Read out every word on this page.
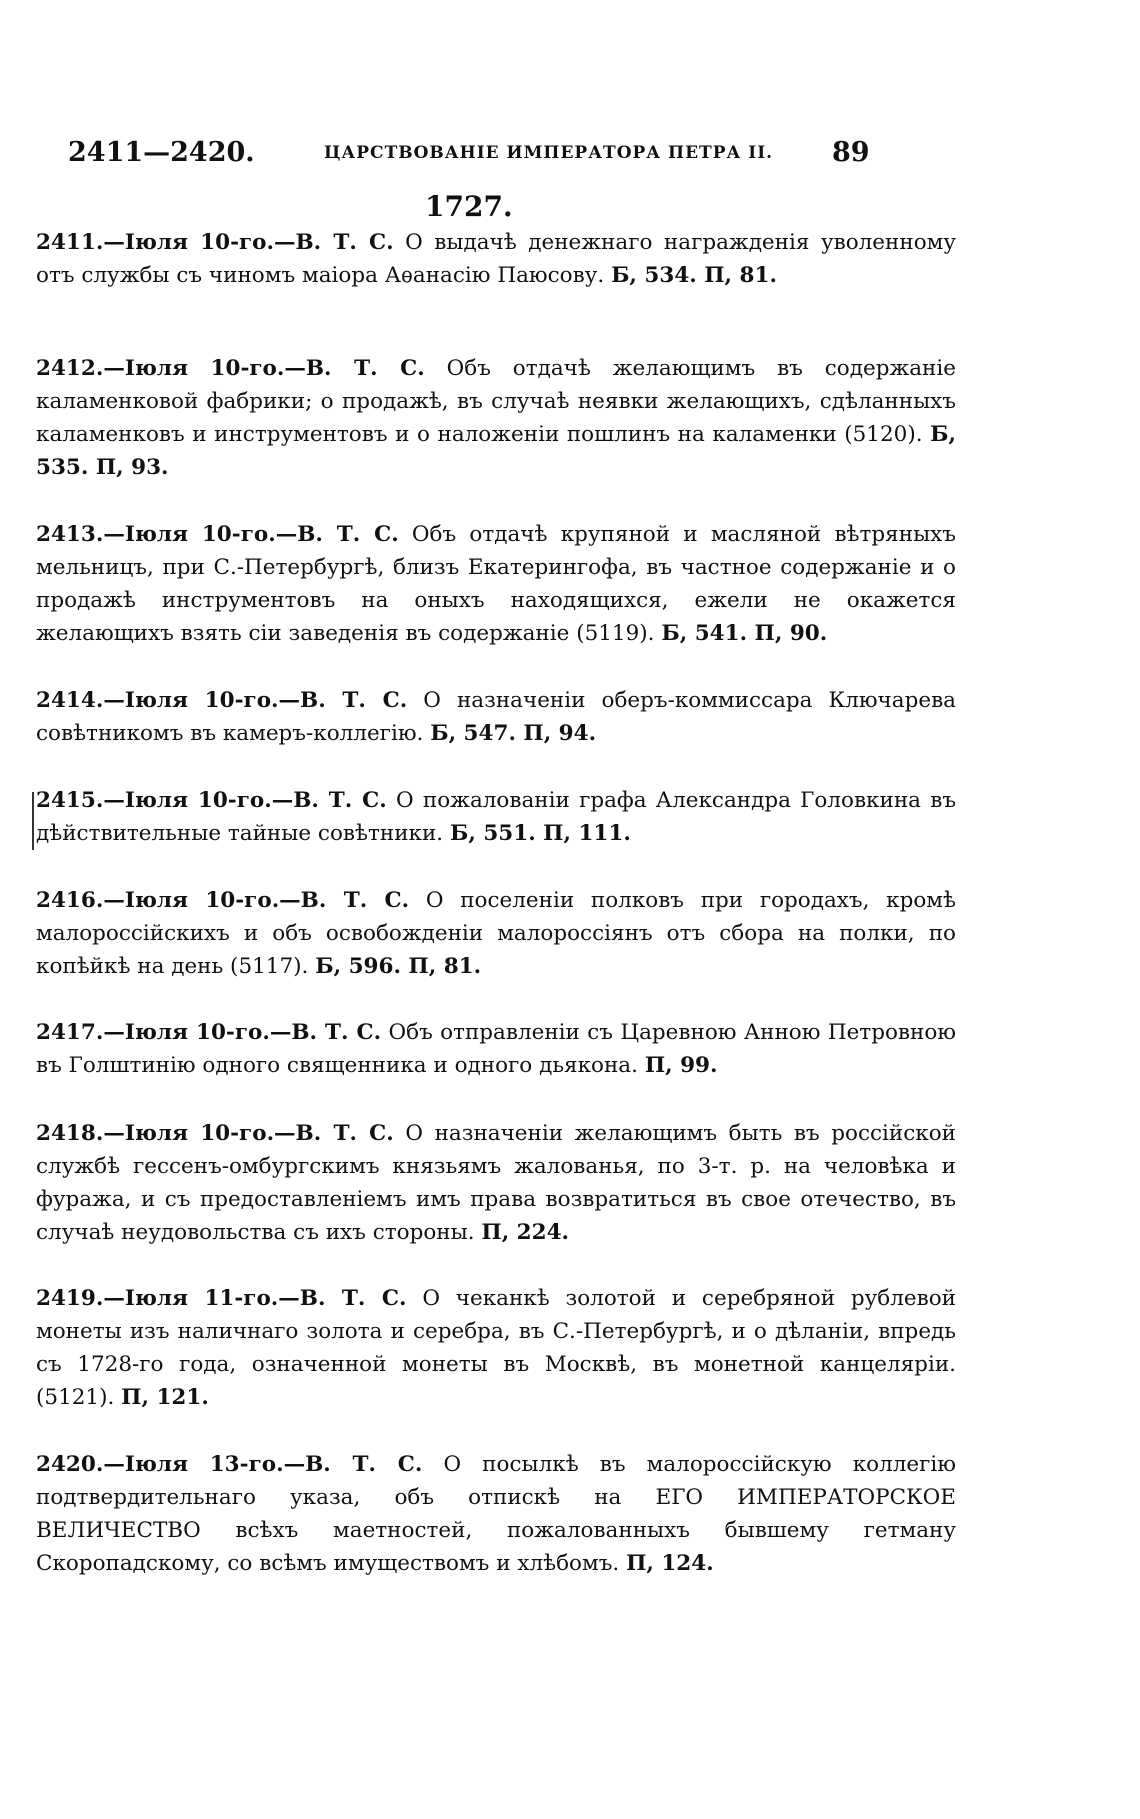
2411—2420.	ЦАРСТВОВАНІЕ ИМПЕРАТОРА ПЕТРА II. 89
1727.
2411.—Іюля 10-го.—В. Т. С. О выдачѣ денежнаго награжденія уволенному отъ службы съ чиномъ маіора Аѳанасію Паюсову. Б, 534. П, 81.
2412.—Іюля 10-го.—В. Т. С. Объ отдачѣ желающимъ въ содержаніе каламенковой фабрики; о продажѣ, въ случаѣ неявки желающихъ, сдѣланныхъ каламенковъ и инструментовъ и о наложеніи пошлинъ на каламенки (5120). Б, 535. П, 93.
2413.—Іюля 10-го.—В. Т. С. Объ отдачѣ крупяной и масляной вѣтряныхъ мельницъ, при С.-Петербургѣ, близъ Екатерингофа, въ частное содержаніе и о продажѣ инструментовъ на оныхъ находящихся, ежели не окажется желающихъ взять сіи заведенія въ содержаніе (5119). Б, 541. П, 90.
2414.—Іюля 10-го.—В. Т. С. О назначеніи оберъ-коммиссара Ключарева совѣтникомъ въ камеръ-коллегію. Б, 547. П, 94.
2415.—Іюля 10-го.—В. Т. С. О пожалованіи графа Александра Головкина въ дѣйствительные тайные совѣтники. Б, 551. П, 111.
2416.—Іюля 10-го.—В. Т. С. О поселеніи полковъ при городахъ, кромѣ малороссійскихъ и объ освобожденіи малороссіянъ отъ сбора на полки, по копѣйкѣ на день (5117). Б, 596. П, 81.
2417.—Іюля 10-го.—В. Т. С. Объ отправленіи съ Царевною Анною Петровною въ Голштинію одного священника и одного дьякона. П, 99.
2418.—Іюля 10-го.—В. Т. С. О назначеніи желающимъ быть въ россійской службѣ гессенъ-омбургскимъ князьямъ жалованья, по 3-т. р. на человѣка и фуража, и съ предоставленіемъ имъ права возвратиться въ свое отечество, въ случаѣ неудовольства съ ихъ стороны. П, 224.
2419.—Іюля 11-го.—В. Т. С. О чеканкѣ золотой и серебряной рублевой монеты изъ наличнаго золота и серебра, въ С.-Петербургѣ, и о дѣланіи, впредь съ 1728-го года, означенной монеты въ Москвѣ, въ монетной канцеляріи. (5121). П, 121.
2420.—Іюля 13-го.—В. Т. С. О посылкѣ въ малороссійскую коллегію подтвердительнаго указа, объ отпискѣ на ЕГО ИМПЕРАТОРСКОЕ ВЕЛИЧЕСТВО всѣхъ маетностей, пожалованныхъ бывшему гетману Скоропадскому, со всѣмъ имуществомъ и хлѣбомъ. П, 124.
